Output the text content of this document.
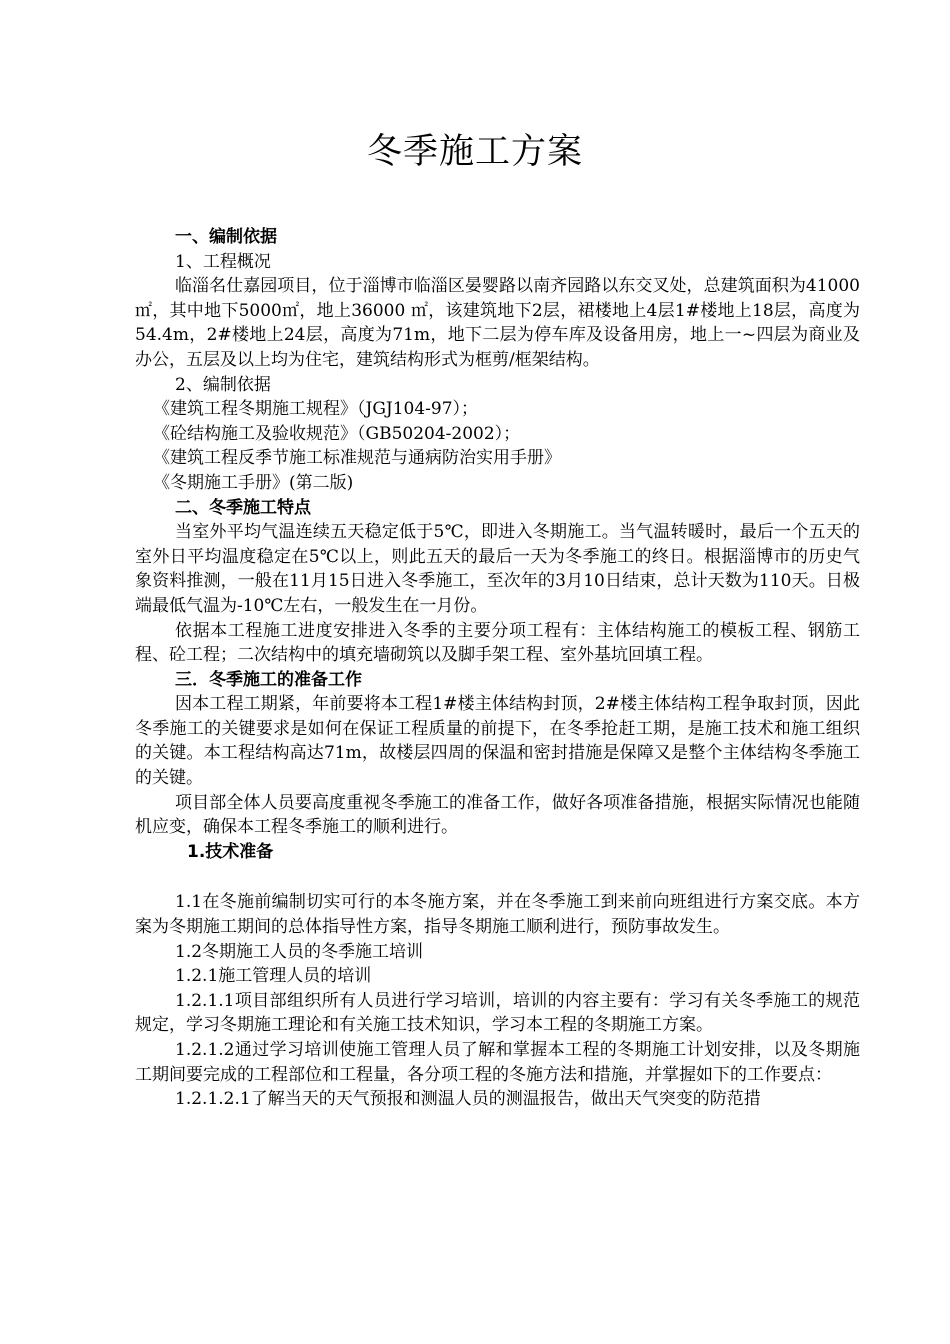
冬季施工方案

一、编制依据

1、工程概况

临淄名仕嘉园项目，位于淄博市临淄区晏婴路以南齐园路以东交叉处，总建筑面积为41000 ㎡，其中地下5000㎡，地上36000 ㎡，该建筑地下2层，裙楼地上4层1#楼地上18层，高度为54.4m，2#楼地上24层，高度为71m，地下二层为停车库及设备用房，地上一~四层为商业及办公，五层及以上均为住宅，建筑结构形式为框剪/框架结构。

2、编制依据

《建筑工程冬期施工规程》（JGJ104-97）；

《砼结构施工及验收规范》（GB50204-2002）；

《建筑工程反季节施工标准规范与通病防治实用手册》

《冬期施工手册》(第二版)

二、冬季施工特点

当室外平均气温连续五天稳定低于5℃，即进入冬期施工。当气温转暖时，最后一个五天的室外日平均温度稳定在5℃以上，则此五天的最后一天为冬季施工的终日。根据淄博市的历史气象资料推测，一般在11月15日进入冬季施工，至次年的3月10日结束，总计天数为110天。日极端最低气温为-10℃左右，一般发生在一月份。

依据本工程施工进度安排进入冬季的主要分项工程有：主体结构施工的模板工程、钢筋工程、砼工程；二次结构中的填充墙砌筑以及脚手架工程、室外基坑回填工程。

三．冬季施工的准备工作

因本工程工期紧，年前要将本工程1#楼主体结构封顶，2#楼主体结构工程争取封顶，因此冬季施工的关键要求是如何在保证工程质量的前提下，在冬季抢赶工期，是施工技术和施工组织的关键。本工程结构高达71m，故楼层四周的保温和密封措施是保障又是整个主体结构冬季施工的关键。

项目部全体人员要高度重视冬季施工的准备工作，做好各项准备措施，根据实际情况也能随机应变，确保本工程冬季施工的顺利进行。

1.技术准备

1.1在冬施前编制切实可行的本冬施方案，并在冬季施工到来前向班组进行方案交底。本方案为冬期施工期间的总体指导性方案，指导冬期施工顺利进行，预防事故发生。

1.2冬期施工人员的冬季施工培训

1.2.1施工管理人员的培训

1.2.1.1项目部组织所有人员进行学习培训，培训的内容主要有：学习有关冬季施工的规范规定，学习冬期施工理论和有关施工技术知识，学习本工程的冬期施工方案。

1.2.1.2通过学习培训使施工管理人员了解和掌握本工程的冬期施工计划安排，以及冬期施工期间要完成的工程部位和工程量，各分项工程的冬施方法和措施，并掌握如下的工作要点：

1.2.1.2.1了解当天的天气预报和测温人员的测温报告，做出天气突变的防范措
